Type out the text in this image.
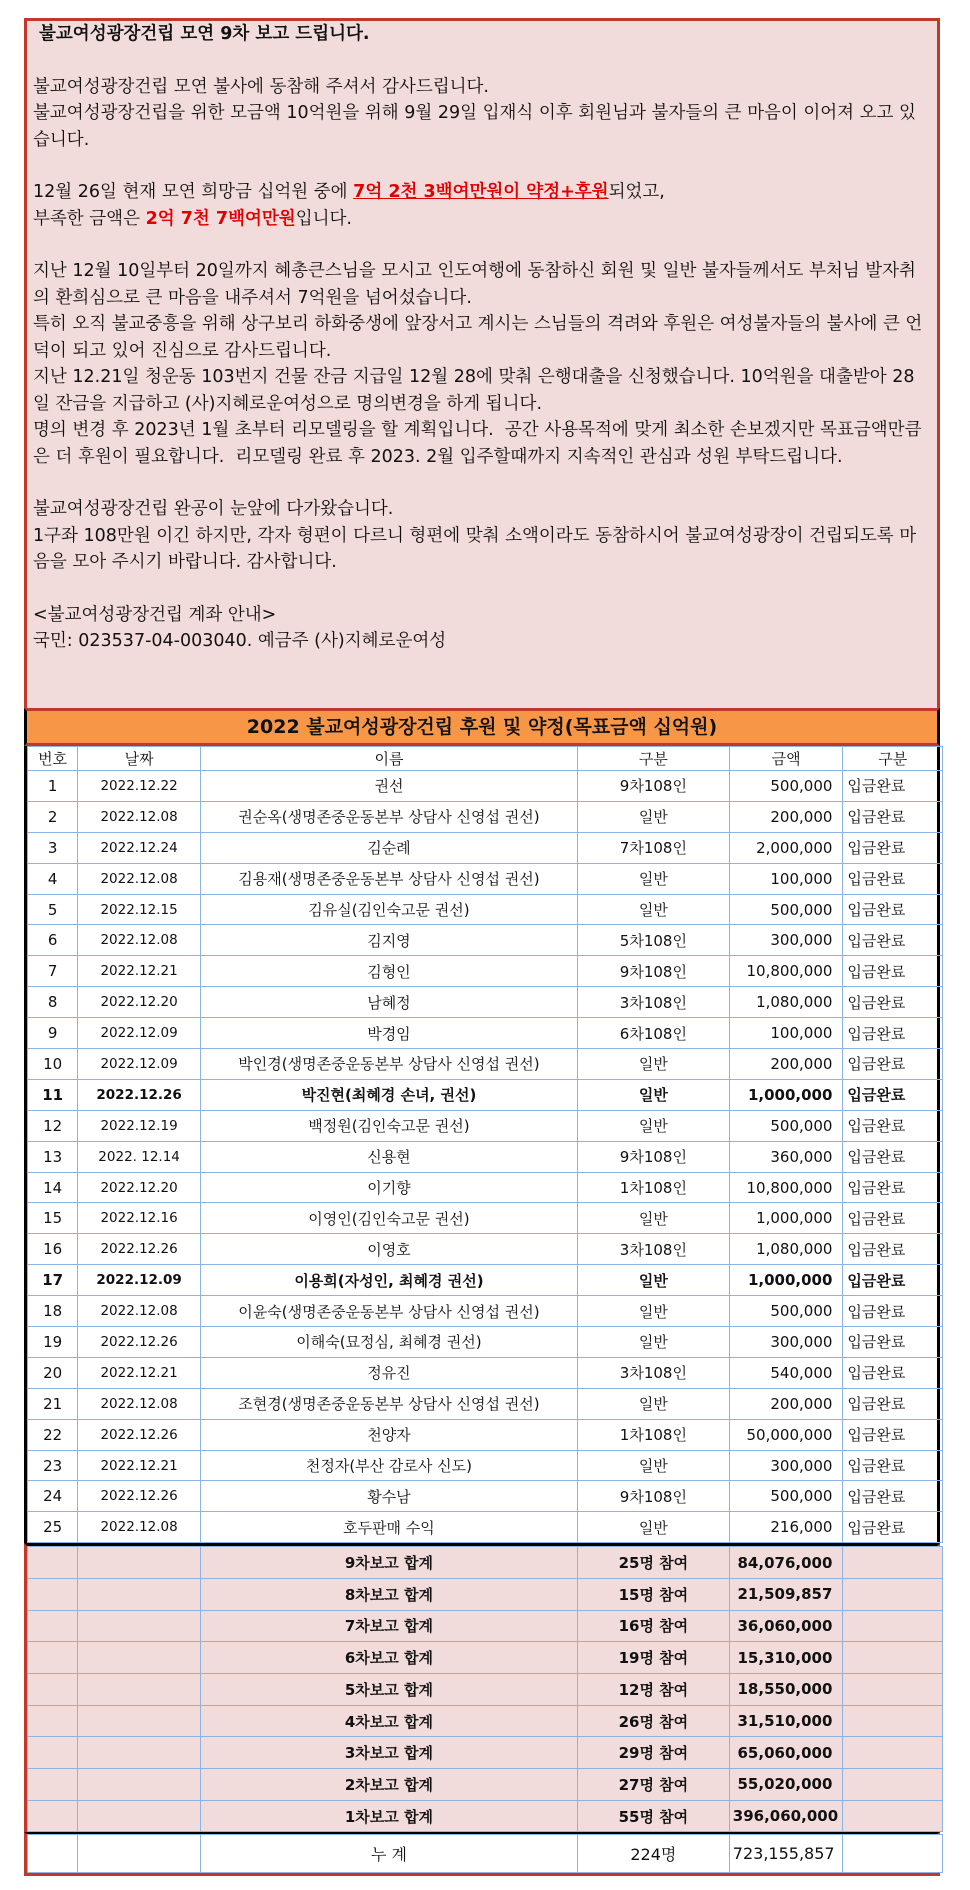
불교여성광장건립 모연 9차 보고 드립니다.

불교여성광장건립 모연 불사에 동참해 주셔서 감사드립니다.

불교여성광장건립을 위한 모금액 10억원을 위해 9월 29일 입재식 이후 회원님과 불자들의 큰 마음이 이어져 오고 있습니다.

12월 26일 현재 모연 희망금 십억원 중에 7억 2천 3백여만원이 약정+후원되었고,

부족한 금액은 2억 7천 7백여만원입니다.

지난 12월 10일부터 20일까지 혜총큰스님을 모시고 인도여행에 동참하신 회원 및 일반 불자들께서도 부처님 발자취의 환희심으로 큰 마음을 내주셔서 7억원을 넘어섰습니다.

특히 오직 불교중흥을 위해 상구보리 하화중생에 앞장서고 계시는 스님들의 격려와 후원은 여성불자들의 불사에 큰 언덕이 되고 있어 진심으로 감사드립니다.

지난 12.21일 청운동 103번지 건물 잔금 지급일 12월 28에 맞춰 은행대출을 신청했습니다. 10억원을 대출받아 28일 잔금을 지급하고 (사)지혜로운여성으로 명의변경을 하게 됩니다.

명의 변경 후 2023년 1월 초부터 리모델링을 할 계획입니다.  공간 사용목적에 맞게 최소한 손보겠지만 목표금액만큼은 더 후원이 필요합니다.  리모델링 완료 후 2023. 2월 입주할때까지 지속적인 관심과 성원 부탁드립니다.

불교여성광장건립 완공이 눈앞에 다가왔습니다.

1구좌 108만원 이긴 하지만, 각자 형편이 다르니 형편에 맞춰 소액이라도 동참하시어 불교여성광장이 건립되도록 마음을 모아 주시기 바랍니다. 감사합니다.

<불교여성광장건립 계좌 안내>

국민: 023537-04-003040. 예금주 (사)지혜로운여성

2022 불교여성광장건립 후원 및 약정(목표금액 십억원)
번호	날짜	이름	구분	금액	구분
1	2022.12.22	권선	9차108인	500,000	입금완료
2	2022.12.08	권순옥(생명존중운동본부 상담사 신영섭 권선)	일반	200,000	입금완료
3	2022.12.24	김순례	7차108인	2,000,000	입금완료
4	2022.12.08	김용재(생명존중운동본부 상담사 신영섭 권선)	일반	100,000	입금완료
5	2022.12.15	김유실(김인숙고문 권선)	일반	500,000	입금완료
6	2022.12.08	김지영	5차108인	300,000	입금완료
7	2022.12.21	김형인	9차108인	10,800,000	입금완료
8	2022.12.20	남혜정	3차108인	1,080,000	입금완료
9	2022.12.09	박경임	6차108인	100,000	입금완료
10	2022.12.09	박인경(생명존중운동본부 상담사 신영섭 권선)	일반	200,000	입금완료
11	2022.12.26	박진현(최혜경 손녀, 권선)	일반	1,000,000	입금완료
12	2022.12.19	백정원(김인숙고문 권선)	일반	500,000	입금완료
13	2022. 12.14	신용현	9차108인	360,000	입금완료
14	2022.12.20	이기향	1차108인	10,800,000	입금완료
15	2022.12.16	이영인(김인숙고문 권선)	일반	1,000,000	입금완료
16	2022.12.26	이영호	3차108인	1,080,000	입금완료
17	2022.12.09	이용희(자성인, 최혜경 권선)	일반	1,000,000	입금완료
18	2022.12.08	이윤숙(생명존중운동본부 상담사 신영섭 권선)	일반	500,000	입금완료
19	2022.12.26	이해숙(묘정심, 최혜경 권선)	일반	300,000	입금완료
20	2022.12.21	정유진	3차108인	540,000	입금완료
21	2022.12.08	조현경(생명존중운동본부 상담사 신영섭 권선)	일반	200,000	입금완료
22	2022.12.26	천양자	1차108인	50,000,000	입금완료
23	2022.12.21	천정자(부산 감로사 신도)	일반	300,000	입금완료
24	2022.12.26	황수남	9차108인	500,000	입금완료
25	2022.12.08	호두판매 수익	일반	216,000	입금완료
		9차보고 합계	25명 참여	84,076,000	
		8차보고 합계	15명 참여	21,509,857	
		7차보고 합계	16명 참여	36,060,000	
		6차보고 합계	19명 참여	15,310,000	
		5차보고 합계	12명 참여	18,550,000	
		4차보고 합계	26명 참여	31,510,000	
		3차보고 합계	29명 참여	65,060,000	
		2차보고 합계	27명 참여	55,020,000	
		1차보고 합계	55명 참여	396,060,000	
		누 계	224명	723,155,857	
